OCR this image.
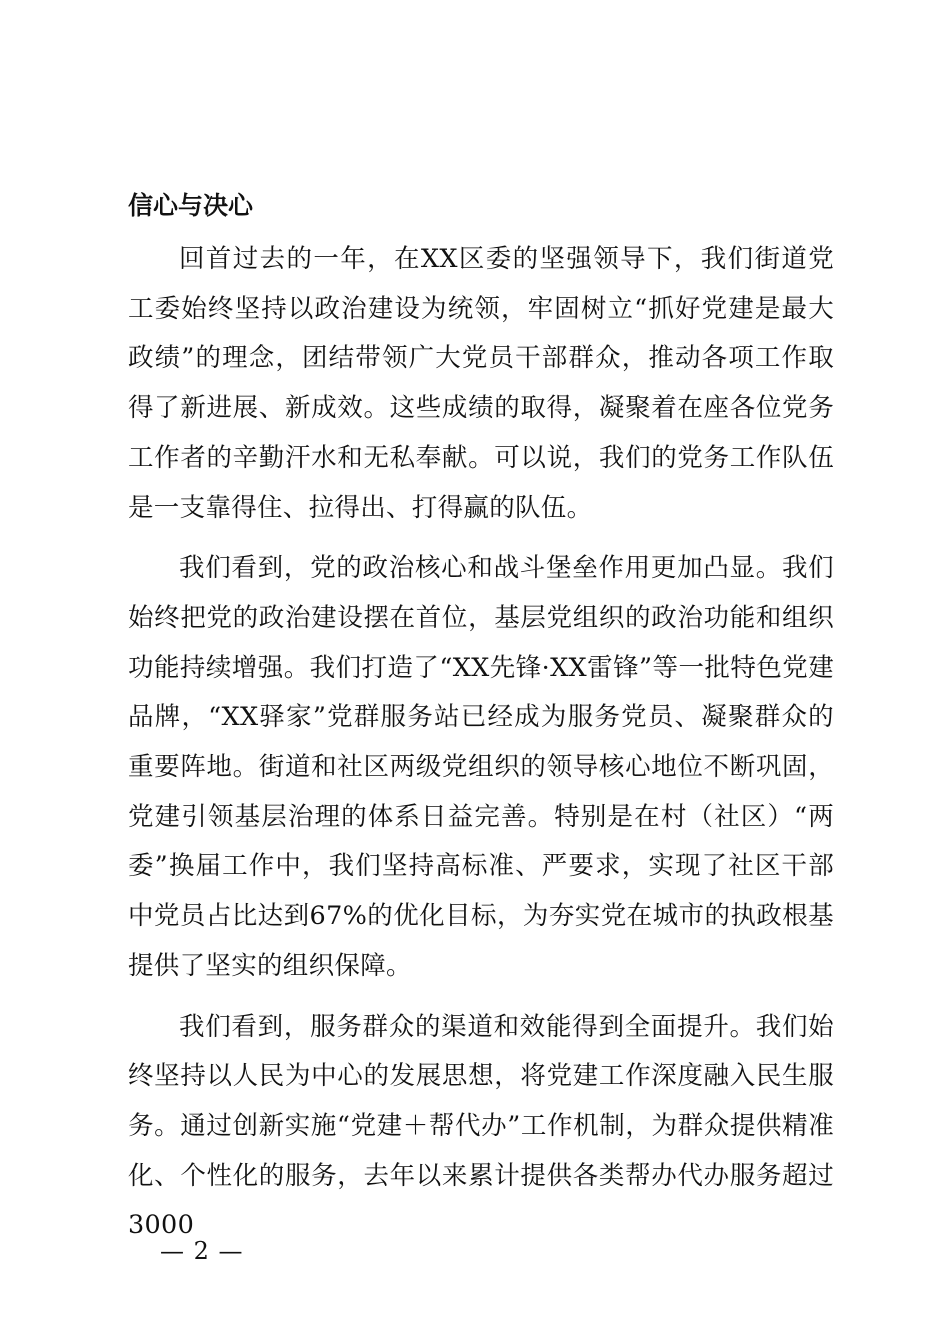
信心与决心

回首过去的一年，在XX区委的坚强领导下，我们街道党工委始终坚持以政治建设为统领，牢固树立“抓好党建是最大政绩”的理念，团结带领广大党员干部群众，推动各项工作取得了新进展、新成效。这些成绩的取得，凝聚着在座各位党务工作者的辛勤汗水和无私奉献。可以说，我们的党务工作队伍是一支靠得住、拉得出、打得赢的队伍。

我们看到，党的政治核心和战斗堡垒作用更加凸显。我们始终把党的政治建设摆在首位，基层党组织的政治功能和组织功能持续增强。我们打造了“XX先锋·XX雷锋”等一批特色党建品牌，“XX驿家”党群服务站已经成为服务党员、凝聚群众的重要阵地。街道和社区两级党组织的领导核心地位不断巩固，党建引领基层治理的体系日益完善。特别是在村（社区）“两委”换届工作中，我们坚持高标准、严要求，实现了社区干部中党员占比达到67%的优化目标，为夯实党在城市的执政根基提供了坚实的组织保障。

我们看到，服务群众的渠道和效能得到全面提升。我们始终坚持以人民为中心的发展思想，将党建工作深度融入民生服务。通过创新实施“党建＋帮代办”工作机制，为群众提供精准化、个性化的服务，去年以来累计提供各类帮办代办服务超过3000

— 2 —
